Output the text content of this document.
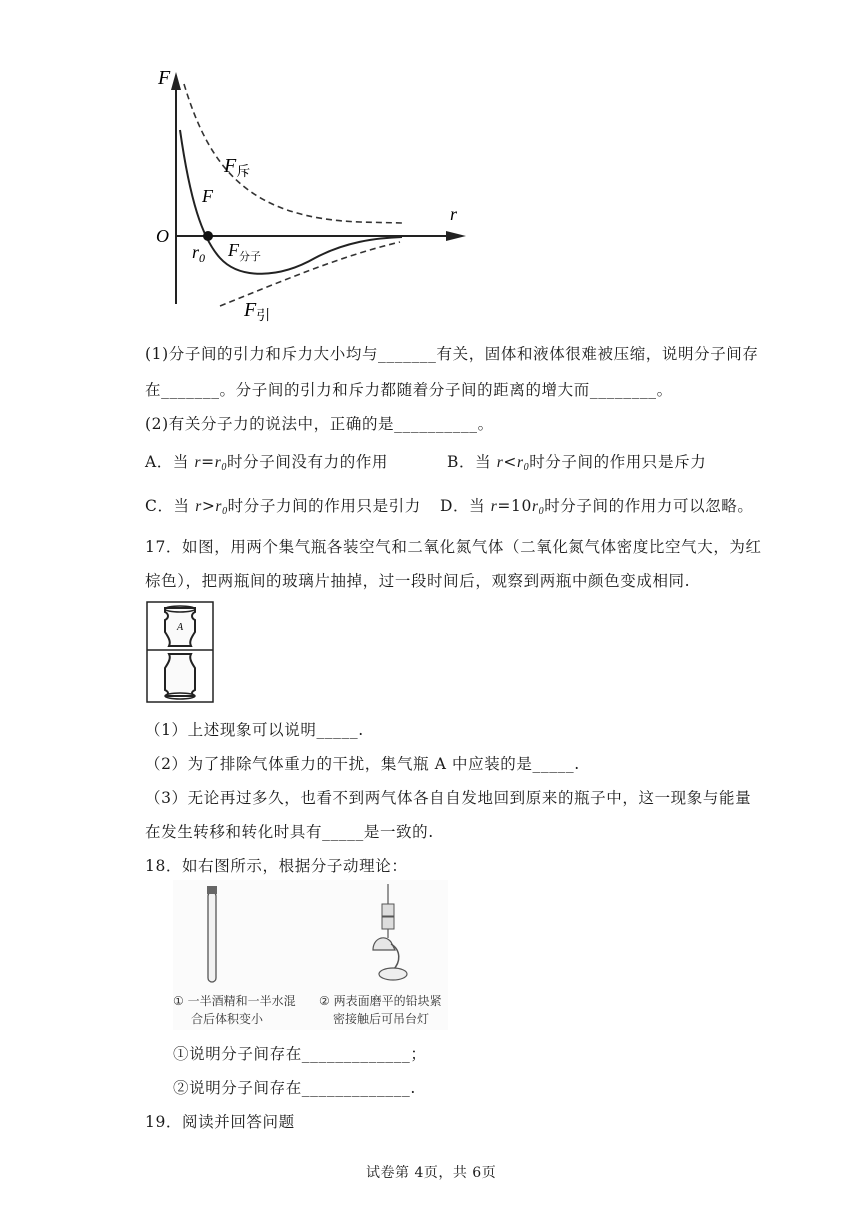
F
r
O
$r_0$
F
$F_斥$
$F_{分子}$
$F_引$
(1)分子间的引力和斥力大小均与_______有关，固体和液体很难被压缩，说明分子间存
在_______。分子间的引力和斥力都随着分子间的距离的增大而________。
(2)有关分子力的说法中，正确的是__________。
A．当 $r=r_0$时分子间没有力的作用	B．当 $r<r_0$时分子间的作用只是斥力
C．当 $r>r_0$时分子力间的作用只是引力 D．当 $r=10r_0$时分子间的作用力可以忽略。
17．如图，用两个集气瓶各装空气和二氧化氮气体（二氧化氮气体密度比空气大，为红
棕色），把两瓶间的玻璃片抽掉，过一段时间后，观察到两瓶中颜色变成相同.
A
（1）上述现象可以说明_____.
（2）为了排除气体重力的干扰，集气瓶 A 中应装的是_____.
（3）无论再过多久，也看不到两气体各自自发地回到原来的瓶子中，这一现象与能量
在发生转移和转化时具有_____是一致的.
18．如右图所示，根据分子动理论：
① 一半酒精和一半水混
合后体积变小
② 两表面磨平的铅块紧
密接触后可吊台灯
①说明分子间存在_____________；
②说明分子间存在_____________.
19．阅读并回答问题
试卷第 4页，共 6页
